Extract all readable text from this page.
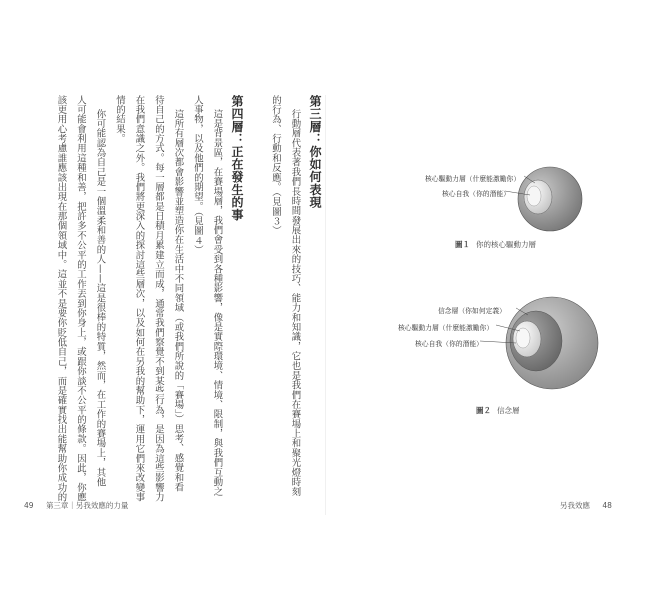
第三層：你如何表現
行動層代表著我們長時間發展出來的技巧、能力和知識，它也是我們在賽場上和聚光燈時刻
的行為、行動和反應。（見圖３）
第四層：正在發生的事
這是背景區，在賽場層，我們會受到各種影響，像是實際環境、情境、限制，與我們互動之
人事物，以及他們的期望。（見圖４）
這所有層次都會影響並塑造你在生活中不同領域（或我們所說的「賽場」）思考、感覺和看
待自己的方式。每一層都是日積月累建立而成，通常我們察覺不到某些行為，是因為這些影響力
在我們意識之外。我們將更深入的探討這些層次，以及如何在另我的幫助下，運用它們來改變事
情的結果。
你可能認為自己是一個溫柔和善的人——這是很棒的特質，然而，在工作的賽場上，其他
人可能會利用這種和善，把許多不公平的工作丟到你身上，或跟你談不公平的條款。因此，你應
該更用心考慮誰應該出現在那個領域中。這並不是要你貶低自己，而是確實找出能幫助你成功的
49 第三章｜另我效應的力量
核心驅動力層（什麼能激勵你）
核心自我（你的潛能）
圖１ 你的核心驅動力層
信念層（你如何定義）
核心驅動力層（什麼能激勵你）
核心自我（你的潛能）
圖２ 信念層
另我效應 48
